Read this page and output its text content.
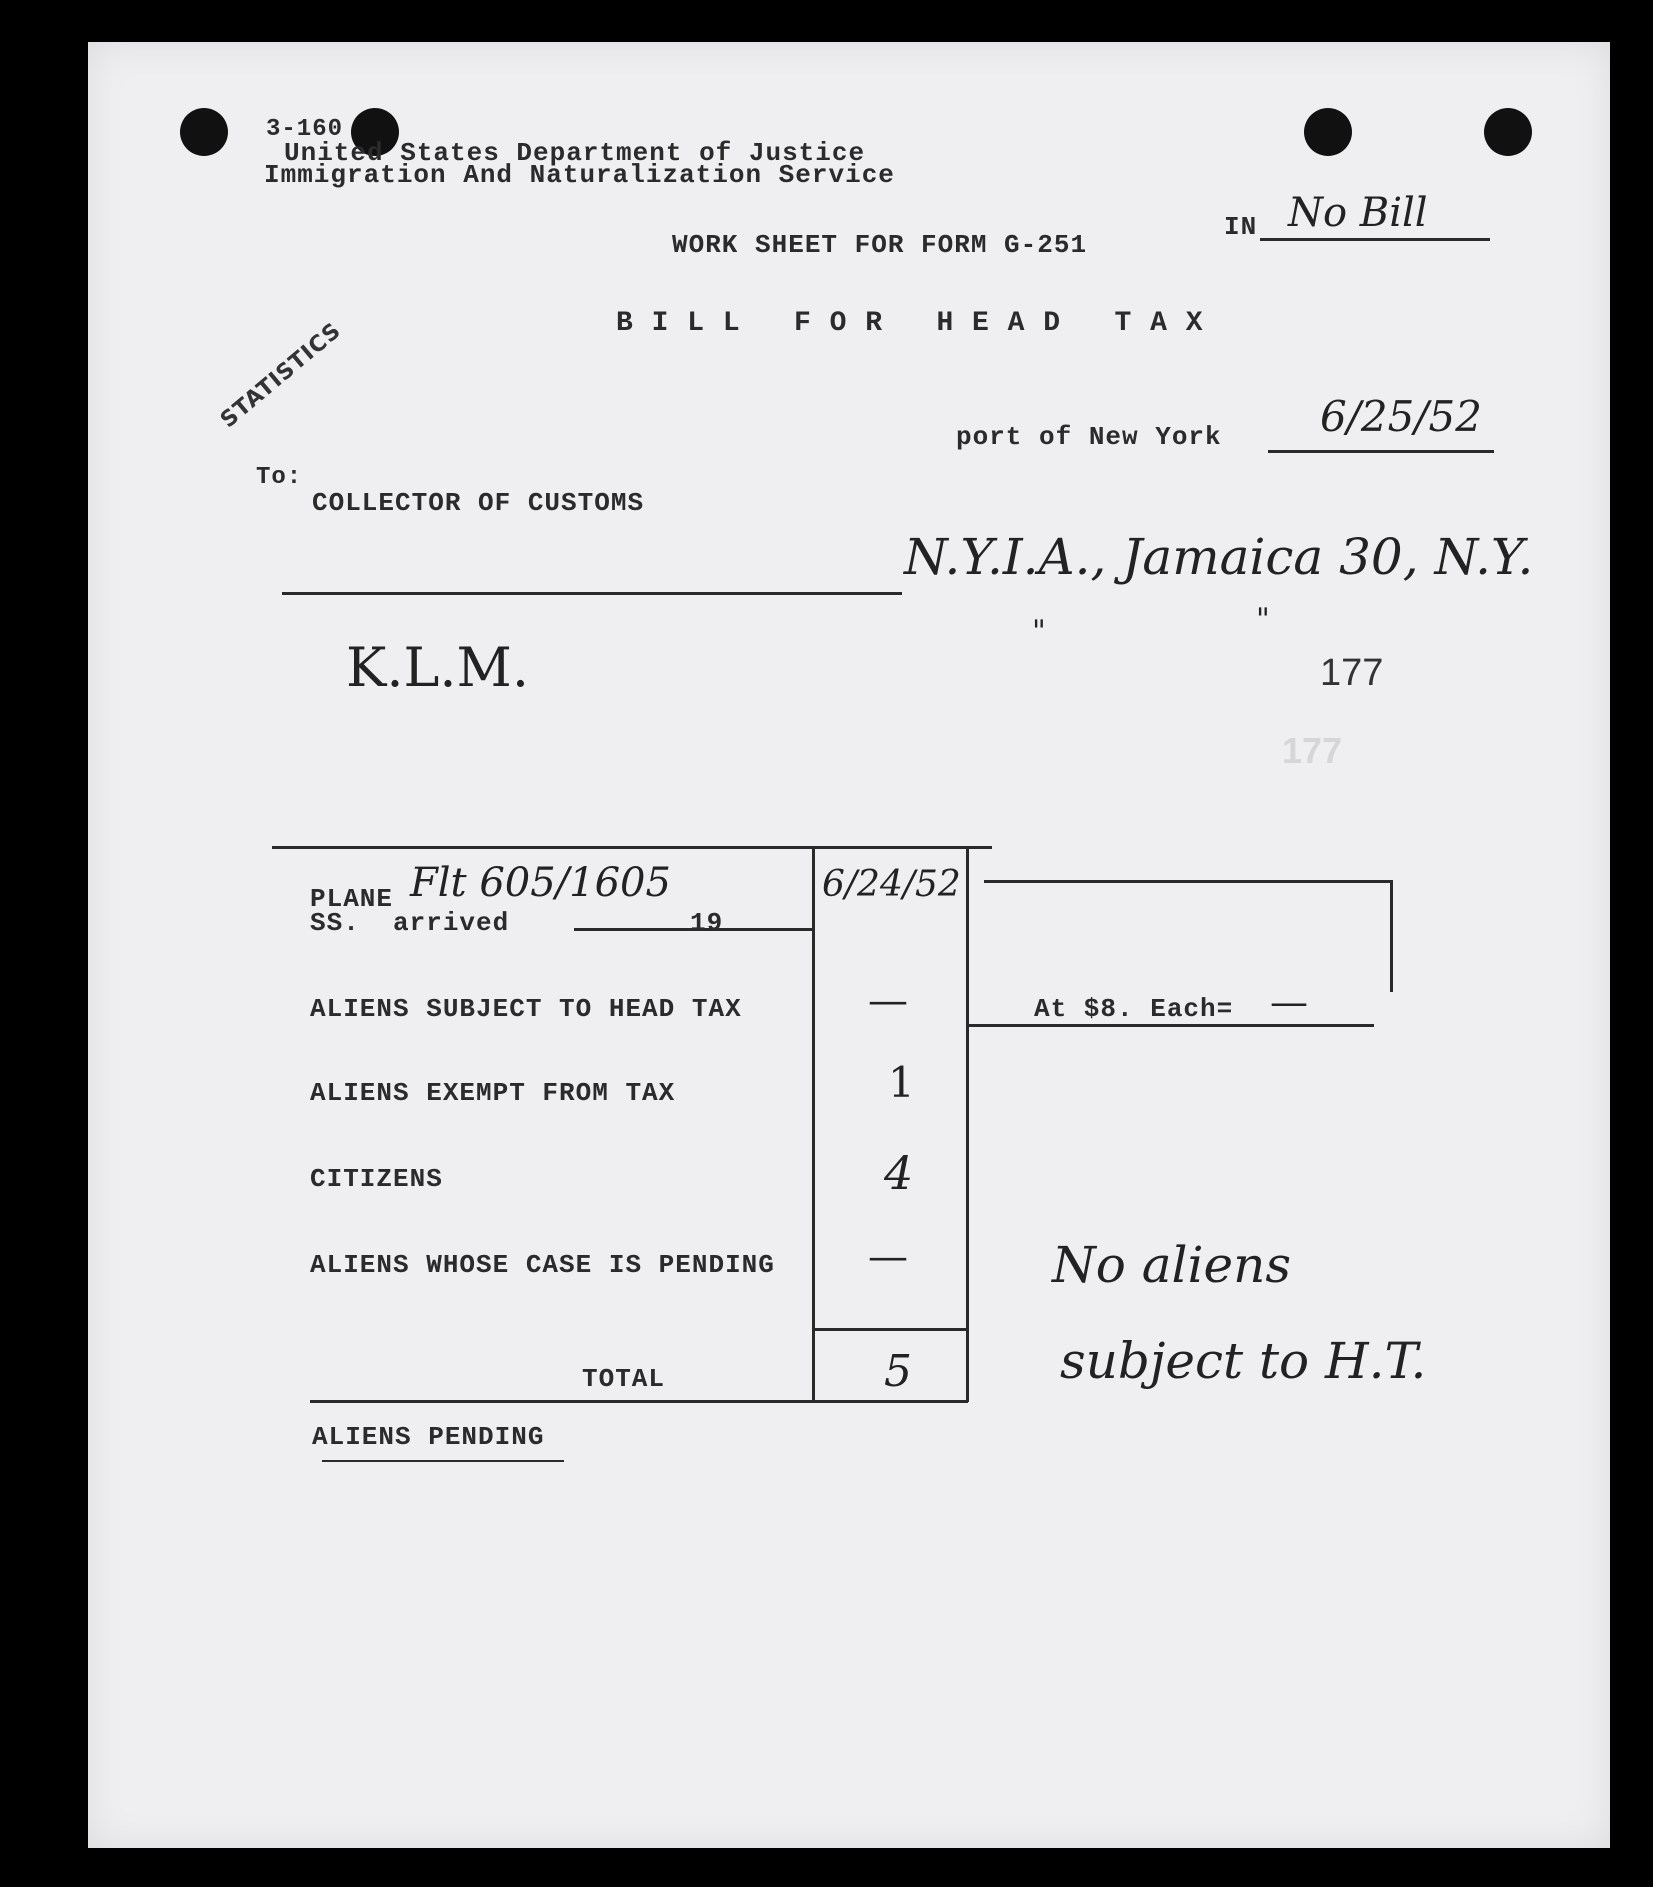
3-160
United States Department of Justice
Immigration And Naturalization Service
WORK SHEET FOR FORM G-251
IN No Bill
B I L L   F O R   H E A D   T A X
STATISTICS
port of New York 6/25/52
To:
COLLECTOR OF CUSTOMS
N.Y.I.A., Jamaica 30, N.Y.
"	"
K.L.M.	177
177
PLANE Flt 605/1605
SS.  arrived	19
6/24/52
ALIENS SUBJECT TO HEAD TAX	—	At $8. Each= —
ALIENS EXEMPT FROM TAX	1
CITIZENS	4
ALIENS WHOSE CASE IS PENDING —
TOTAL	5
ALIENS PENDING
No aliens
subject to H.T.
